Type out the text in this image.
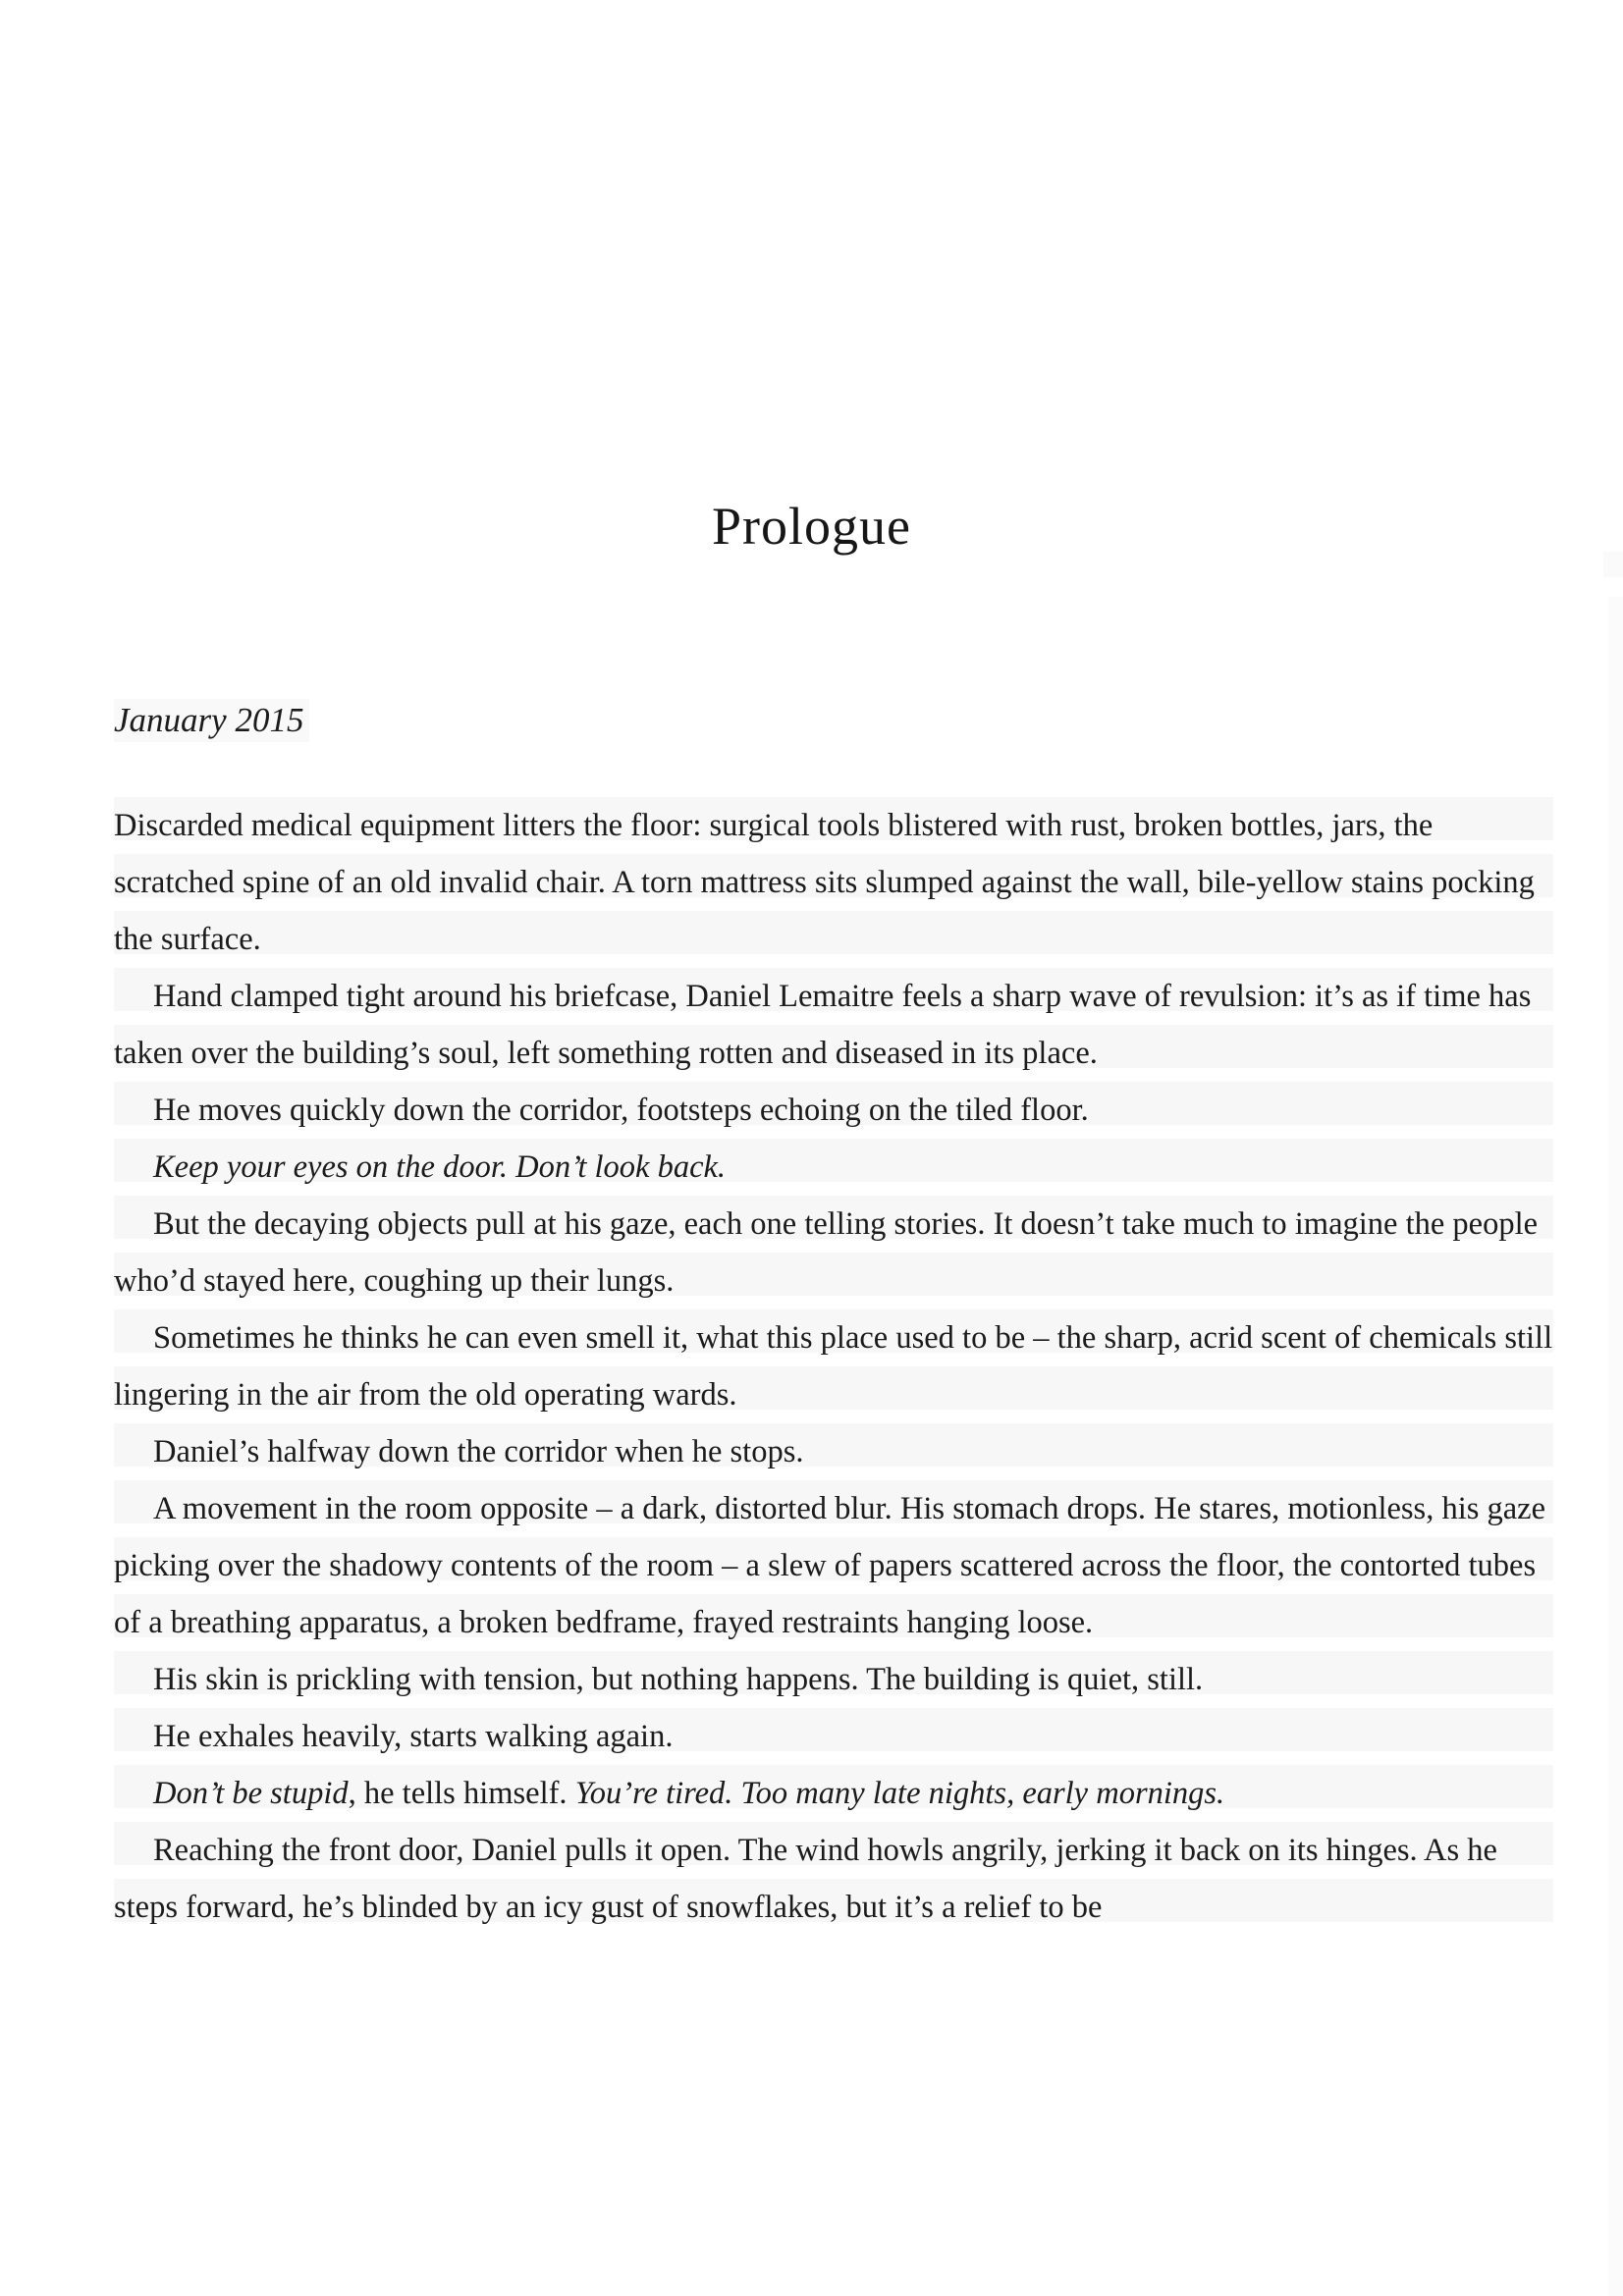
Prologue

January 2015

Discarded medical equipment litters the floor: surgical tools blistered with rust, broken bottles, jars, the scratched spine of an old invalid chair. A torn mattress sits slumped against the wall, bile-yellow stains pocking the surface.

Hand clamped tight around his briefcase, Daniel Lemaitre feels a sharp wave of revulsion: it’s as if time has taken over the building’s soul, left something rotten and diseased in its place.

He moves quickly down the corridor, footsteps echoing on the tiled floor.

Keep your eyes on the door. Don’t look back.

But the decaying objects pull at his gaze, each one telling stories. It doesn’t take much to imagine the people who’d stayed here, coughing up their lungs.

Sometimes he thinks he can even smell it, what this place used to be – the sharp, acrid scent of chemicals still lingering in the air from the old operating wards.

Daniel’s halfway down the corridor when he stops.

A movement in the room opposite – a dark, distorted blur. His stomach drops. He stares, motionless, his gaze picking over the shadowy contents of the room – a slew of papers scattered across the floor, the contorted tubes of a breathing apparatus, a broken bedframe, frayed restraints hanging loose.

His skin is prickling with tension, but nothing happens. The building is quiet, still.

He exhales heavily, starts walking again.

Don’t be stupid, he tells himself. You’re tired. Too many late nights, early mornings.

Reaching the front door, Daniel pulls it open. The wind howls angrily, jerking it back on its hinges. As he steps forward, he’s blinded by an icy gust of snowflakes, but it’s a relief to be
